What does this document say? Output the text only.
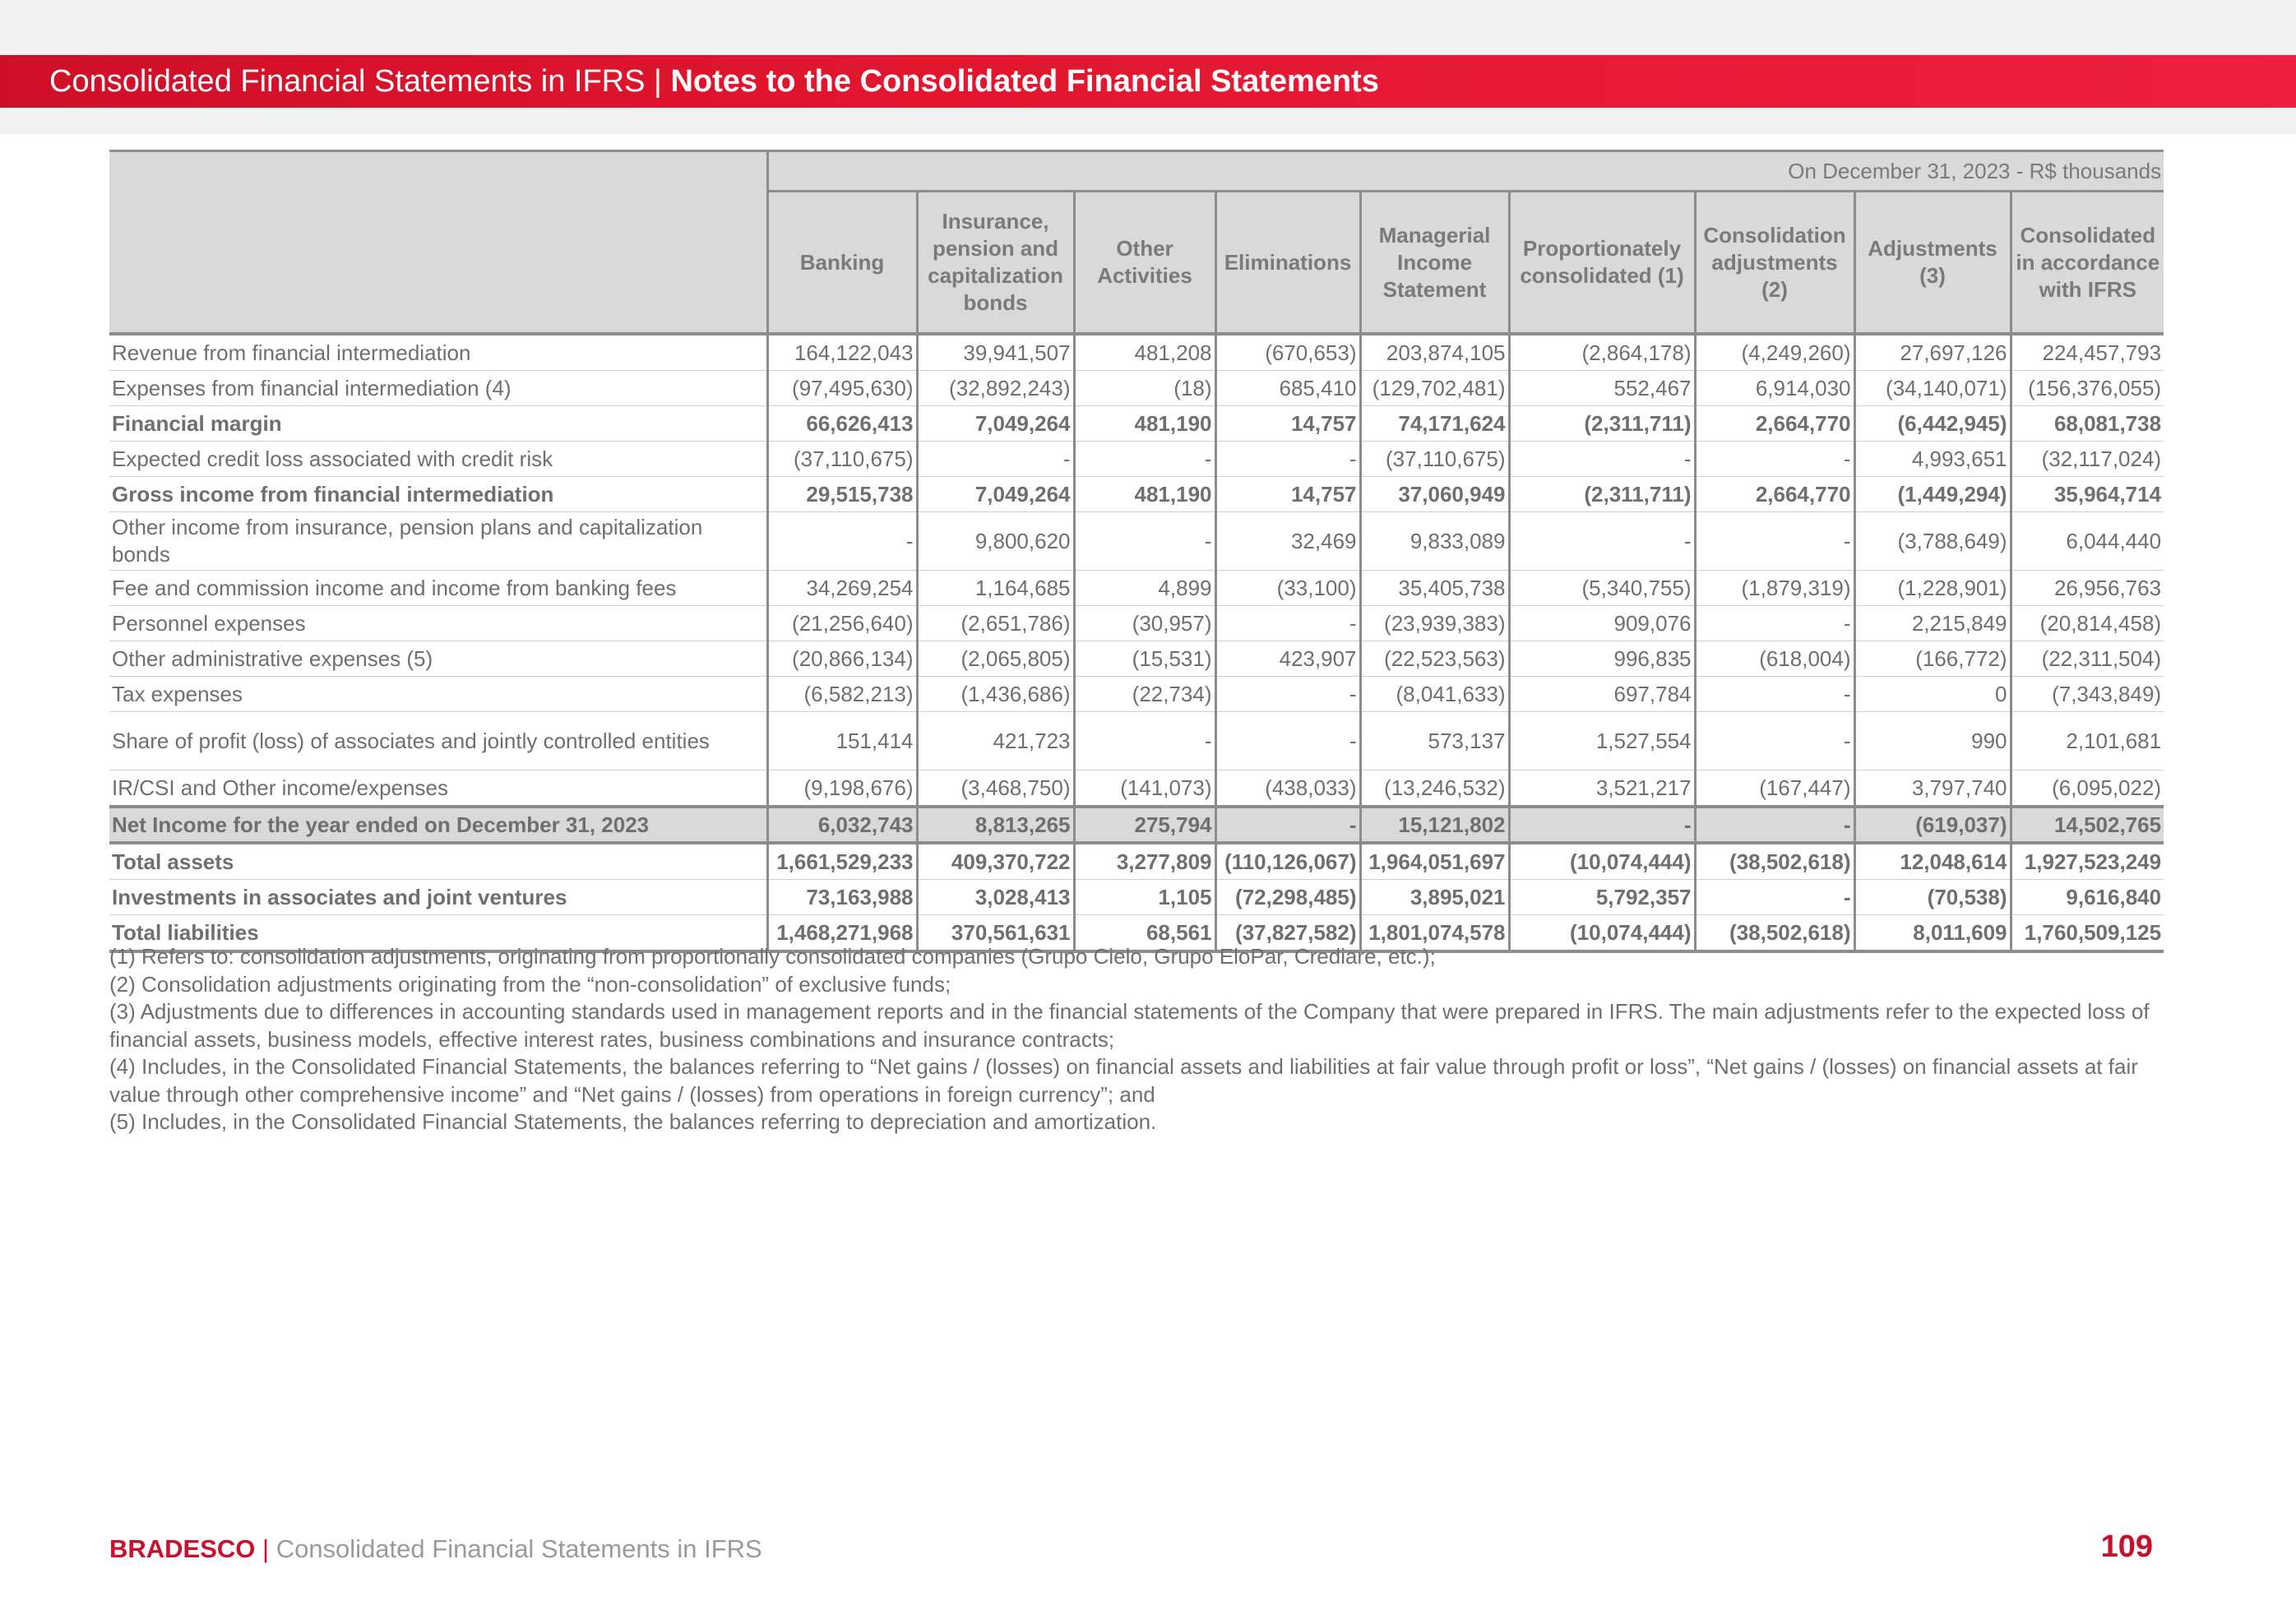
Consolidated Financial Statements in IFRS | Notes to the Consolidated Financial Statements
	On December 31, 2023 - R$ thousands								
	Banking	Insurance, pension and capitalization bonds	Other Activities	Eliminations	Managerial Income Statement	Proportionately consolidated (1)	Consolidation adjustments (2)	Adjustments (3)	Consolidated in accordance with IFRS
Revenue from financial intermediation	164,122,043	39,941,507	481,208	(670,653)	203,874,105	(2,864,178)	(4,249,260)	27,697,126	224,457,793
Expenses from financial intermediation (4)	(97,495,630)	(32,892,243)	(18)	685,410	(129,702,481)	552,467	6,914,030	(34,140,071)	(156,376,055)
Financial margin	66,626,413	7,049,264	481,190	14,757	74,171,624	(2,311,711)	2,664,770	(6,442,945)	68,081,738
Expected credit loss associated with credit risk	(37,110,675)	-	-	-	(37,110,675)	-	-	4,993,651	(32,117,024)
Gross income from financial intermediation	29,515,738	7,049,264	481,190	14,757	37,060,949	(2,311,711)	2,664,770	(1,449,294)	35,964,714
Other income from insurance, pension plans and capitalization bonds	-	9,800,620	-	32,469	9,833,089	-	-	(3,788,649)	6,044,440
Fee and commission income and income from banking fees	34,269,254	1,164,685	4,899	(33,100)	35,405,738	(5,340,755)	(1,879,319)	(1,228,901)	26,956,763
Personnel expenses	(21,256,640)	(2,651,786)	(30,957)	-	(23,939,383)	909,076	-	2,215,849	(20,814,458)
Other administrative expenses (5)	(20,866,134)	(2,065,805)	(15,531)	423,907	(22,523,563)	996,835	(618,004)	(166,772)	(22,311,504)
Tax expenses	(6,582,213)	(1,436,686)	(22,734)	-	(8,041,633)	697,784	-	0	(7,343,849)
Share of profit (loss) of associates and jointly controlled entities	151,414	421,723	-	-	573,137	1,527,554	-	990	2,101,681
IR/CSI and Other income/expenses	(9,198,676)	(3,468,750)	(141,073)	(438,033)	(13,246,532)	3,521,217	(167,447)	3,797,740	(6,095,022)
Net Income for the year ended on December 31, 2023	6,032,743	8,813,265	275,794	-	15,121,802	-	-	(619,037)	14,502,765
Total assets	1,661,529,233	409,370,722	3,277,809	(110,126,067)	1,964,051,697	(10,074,444)	(38,502,618)	12,048,614	1,927,523,249
Investments in associates and joint ventures	73,163,988	3,028,413	1,105	(72,298,485)	3,895,021	5,792,357	-	(70,538)	9,616,840
Total liabilities	1,468,271,968	370,561,631	68,561	(37,827,582)	1,801,074,578	(10,074,444)	(38,502,618)	8,011,609	1,760,509,125

(1) Refers to: consolidation adjustments, originating from proportionally consolidated companies (Grupo Cielo, Grupo EloPar, Crediare, etc.);

(2) Consolidation adjustments originating from the “non-consolidation” of exclusive funds;

(3) Adjustments due to differences in accounting standards used in management reports and in the financial statements of the Company that were prepared in IFRS. The main adjustments refer to the expected loss of financial assets, business models, effective interest rates, business combinations and insurance contracts;

(4) Includes, in the Consolidated Financial Statements, the balances referring to “Net gains / (losses) on financial assets and liabilities at fair value through profit or loss”, “Net gains / (losses) on financial assets at fair value through other comprehensive income” and “Net gains / (losses) from operations in foreign currency”; and

(5) Includes, in the Consolidated Financial Statements, the balances referring to depreciation and amortization.

BRADESCO | Consolidated Financial Statements in IFRS	109
